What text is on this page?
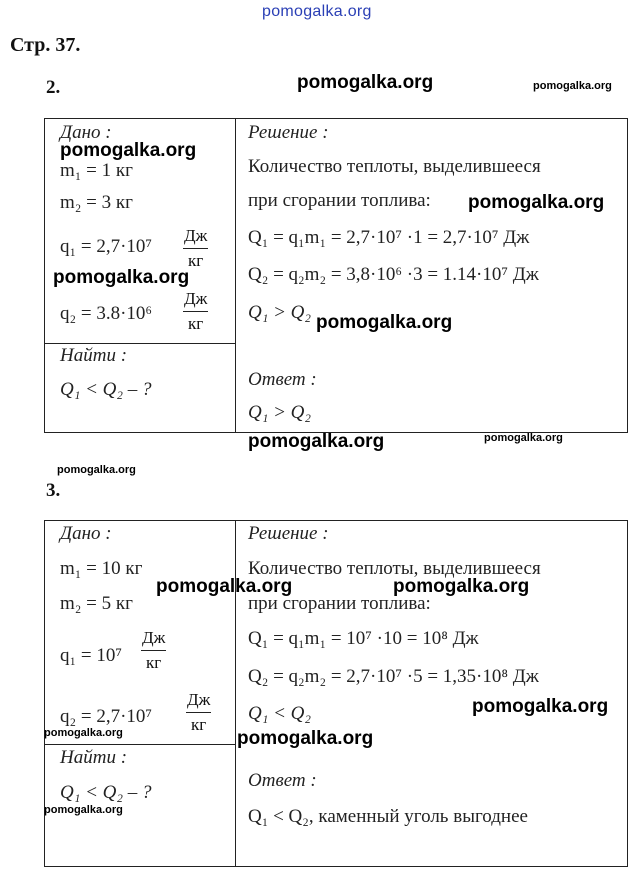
pomogalka.org
Стр. 37.
2.	pomogalka.org	pomogalka.org
Дано :
pomogalka.org
m₁ = 1 кг
m₂ = 3 кг
q₁ = 2,7·10⁷
Дж
кг
pomogalka.org
q₂ = 3.8·10⁶
Дж
кг
Найти :
Q₁ < Q₂ – ?
Решение :
Количество теплоты, выделившееся
при сгорании топлива: pomogalka.org
Q₁ = q₁m₁ = 2,7·10⁷ ·1 = 2,7·10⁷ Дж
Q₂ = q₂m₂ = 3,8·10⁶ ·3 = 1.14·10⁷ Дж
Q₁ > Q₂ pomogalka.org
Ответ :
Q₁ > Q₂
pomogalka.org	pomogalka.org
pomogalka.org
3.
Дано :
m₁ = 10 кг
pomogalka.org
m₂ = 5 кг
q₁ = 10⁷
Дж
кг
q₂ = 2,7·10⁷
Дж
кг
pomogalka.org
Найти :
Q₁ < Q₂ – ?
pomogalka.org
Решение :
Количество теплоты, выделившееся
при сгорании топлива:
pomogalka.org
Q₁ = q₁m₁ = 10⁷ ·10 = 10⁸ Дж
Q₂ = q₂m₂ = 2,7·10⁷ ·5 = 1,35·10⁸ Дж
Q₁ < Q₂	pomogalka.org
pomogalka.org
Ответ :
Q₁ < Q₂, каменный уголь выгоднее
